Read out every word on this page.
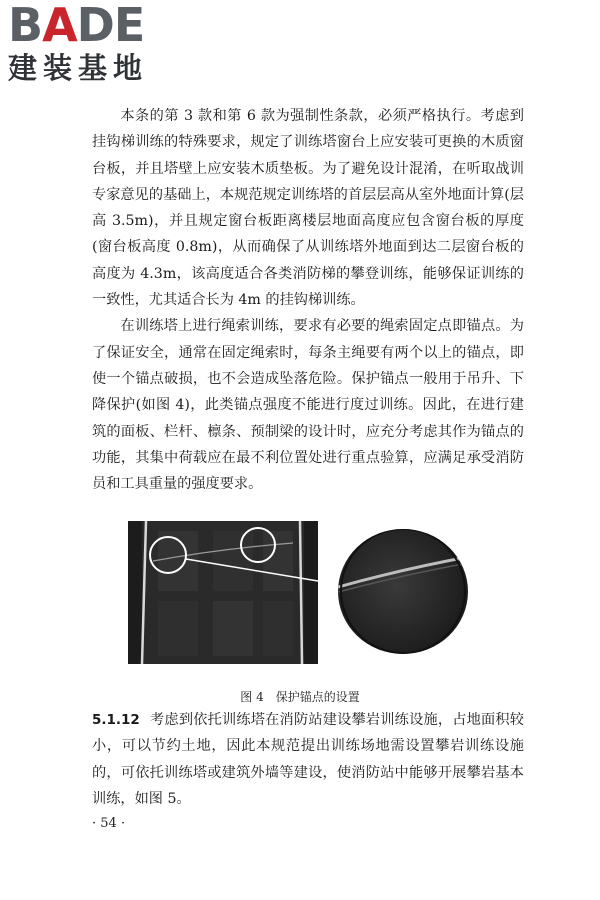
BADE
建装基地

本条的第 3 款和第 6 款为强制性条款，必须严格执行。考虑到挂钩梯训练的特殊要求，规定了训练塔窗台上应安装可更换的木质窗台板，并且塔壁上应安装木质垫板。为了避免设计混淆，在听取战训专家意见的基础上，本规范规定训练塔的首层层高从室外地面计算(层高 3.5m)，并且规定窗台板距离楼层地面高度应包含窗台板的厚度(窗台板高度 0.8m)，从而确保了从训练塔外地面到达二层窗台板的高度为 4.3m，该高度适合各类消防梯的攀登训练，能够保证训练的一致性，尤其适合长为 4m 的挂钩梯训练。

在训练塔上进行绳索训练，要求有必要的绳索固定点即锚点。为了保证安全，通常在固定绳索时，每条主绳要有两个以上的锚点，即使一个锚点破损，也不会造成坠落危险。保护锚点一般用于吊升、下降保护(如图 4)，此类锚点强度不能进行度过训练。因此，在进行建筑的面板、栏杆、檩条、预制梁的设计时，应充分考虑其作为锚点的功能，其集中荷载应在最不利位置处进行重点验算，应满足承受消防员和工具重量的强度要求。

图 4　保护锚点的设置
5.1.12 考虑到依托训练塔在消防站建设攀岩训练设施，占地面积较小，可以节约土地，因此本规范提出训练场地需设置攀岩训练设施的，可依托训练塔或建筑外墙等建设，使消防站中能够开展攀岩基本训练，如图 5。
· 54 ·
